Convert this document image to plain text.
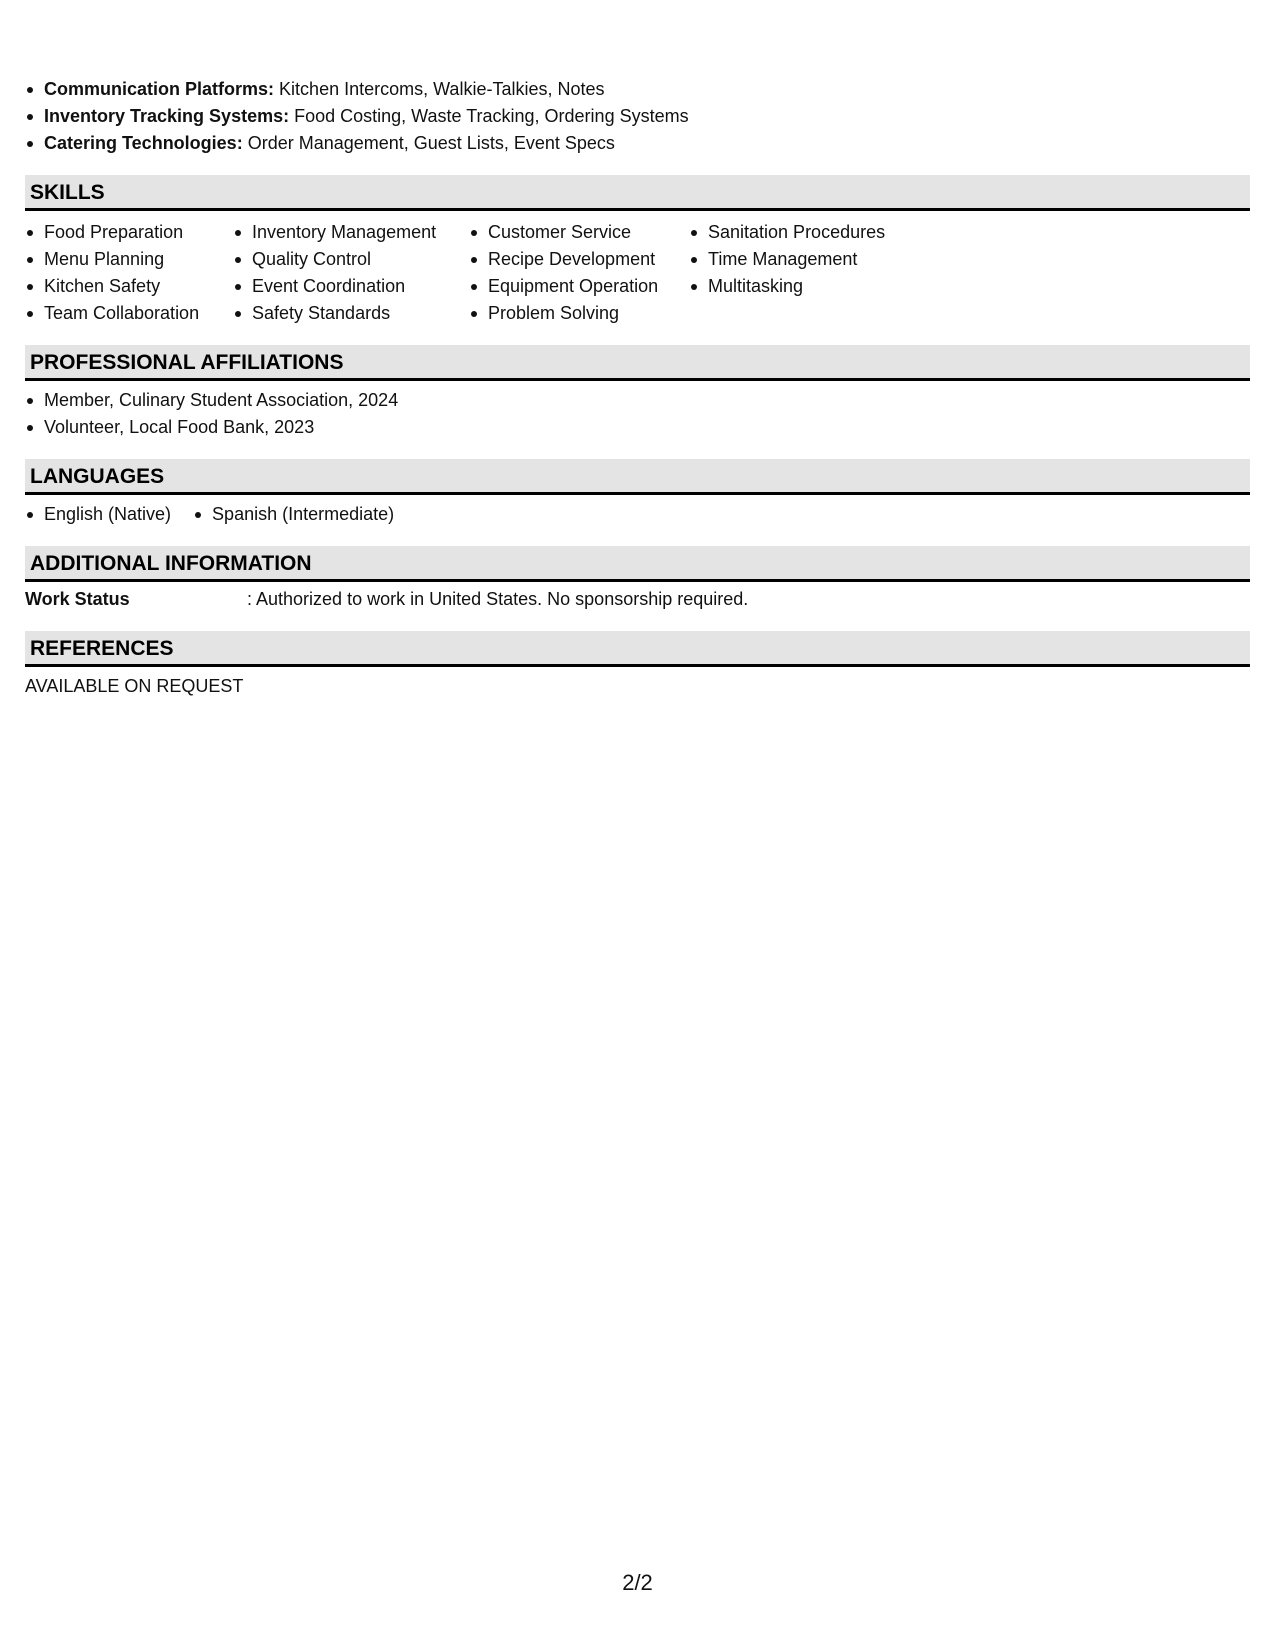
Communication Platforms: Kitchen Intercoms, Walkie-Talkies, Notes
Inventory Tracking Systems: Food Costing, Waste Tracking, Ordering Systems
Catering Technologies: Order Management, Guest Lists, Event Specs
SKILLS
Food Preparation
Menu Planning
Kitchen Safety
Team Collaboration
Inventory Management
Quality Control
Event Coordination
Safety Standards
Customer Service
Recipe Development
Equipment Operation
Problem Solving
Sanitation Procedures
Time Management
Multitasking
PROFESSIONAL AFFILIATIONS
Member, Culinary Student Association, 2024
Volunteer, Local Food Bank, 2023
LANGUAGES
English (Native)	Spanish (Intermediate)
ADDITIONAL INFORMATION
Work Status	: Authorized to work in United States. No sponsorship required.
REFERENCES
AVAILABLE ON REQUEST
2/2
